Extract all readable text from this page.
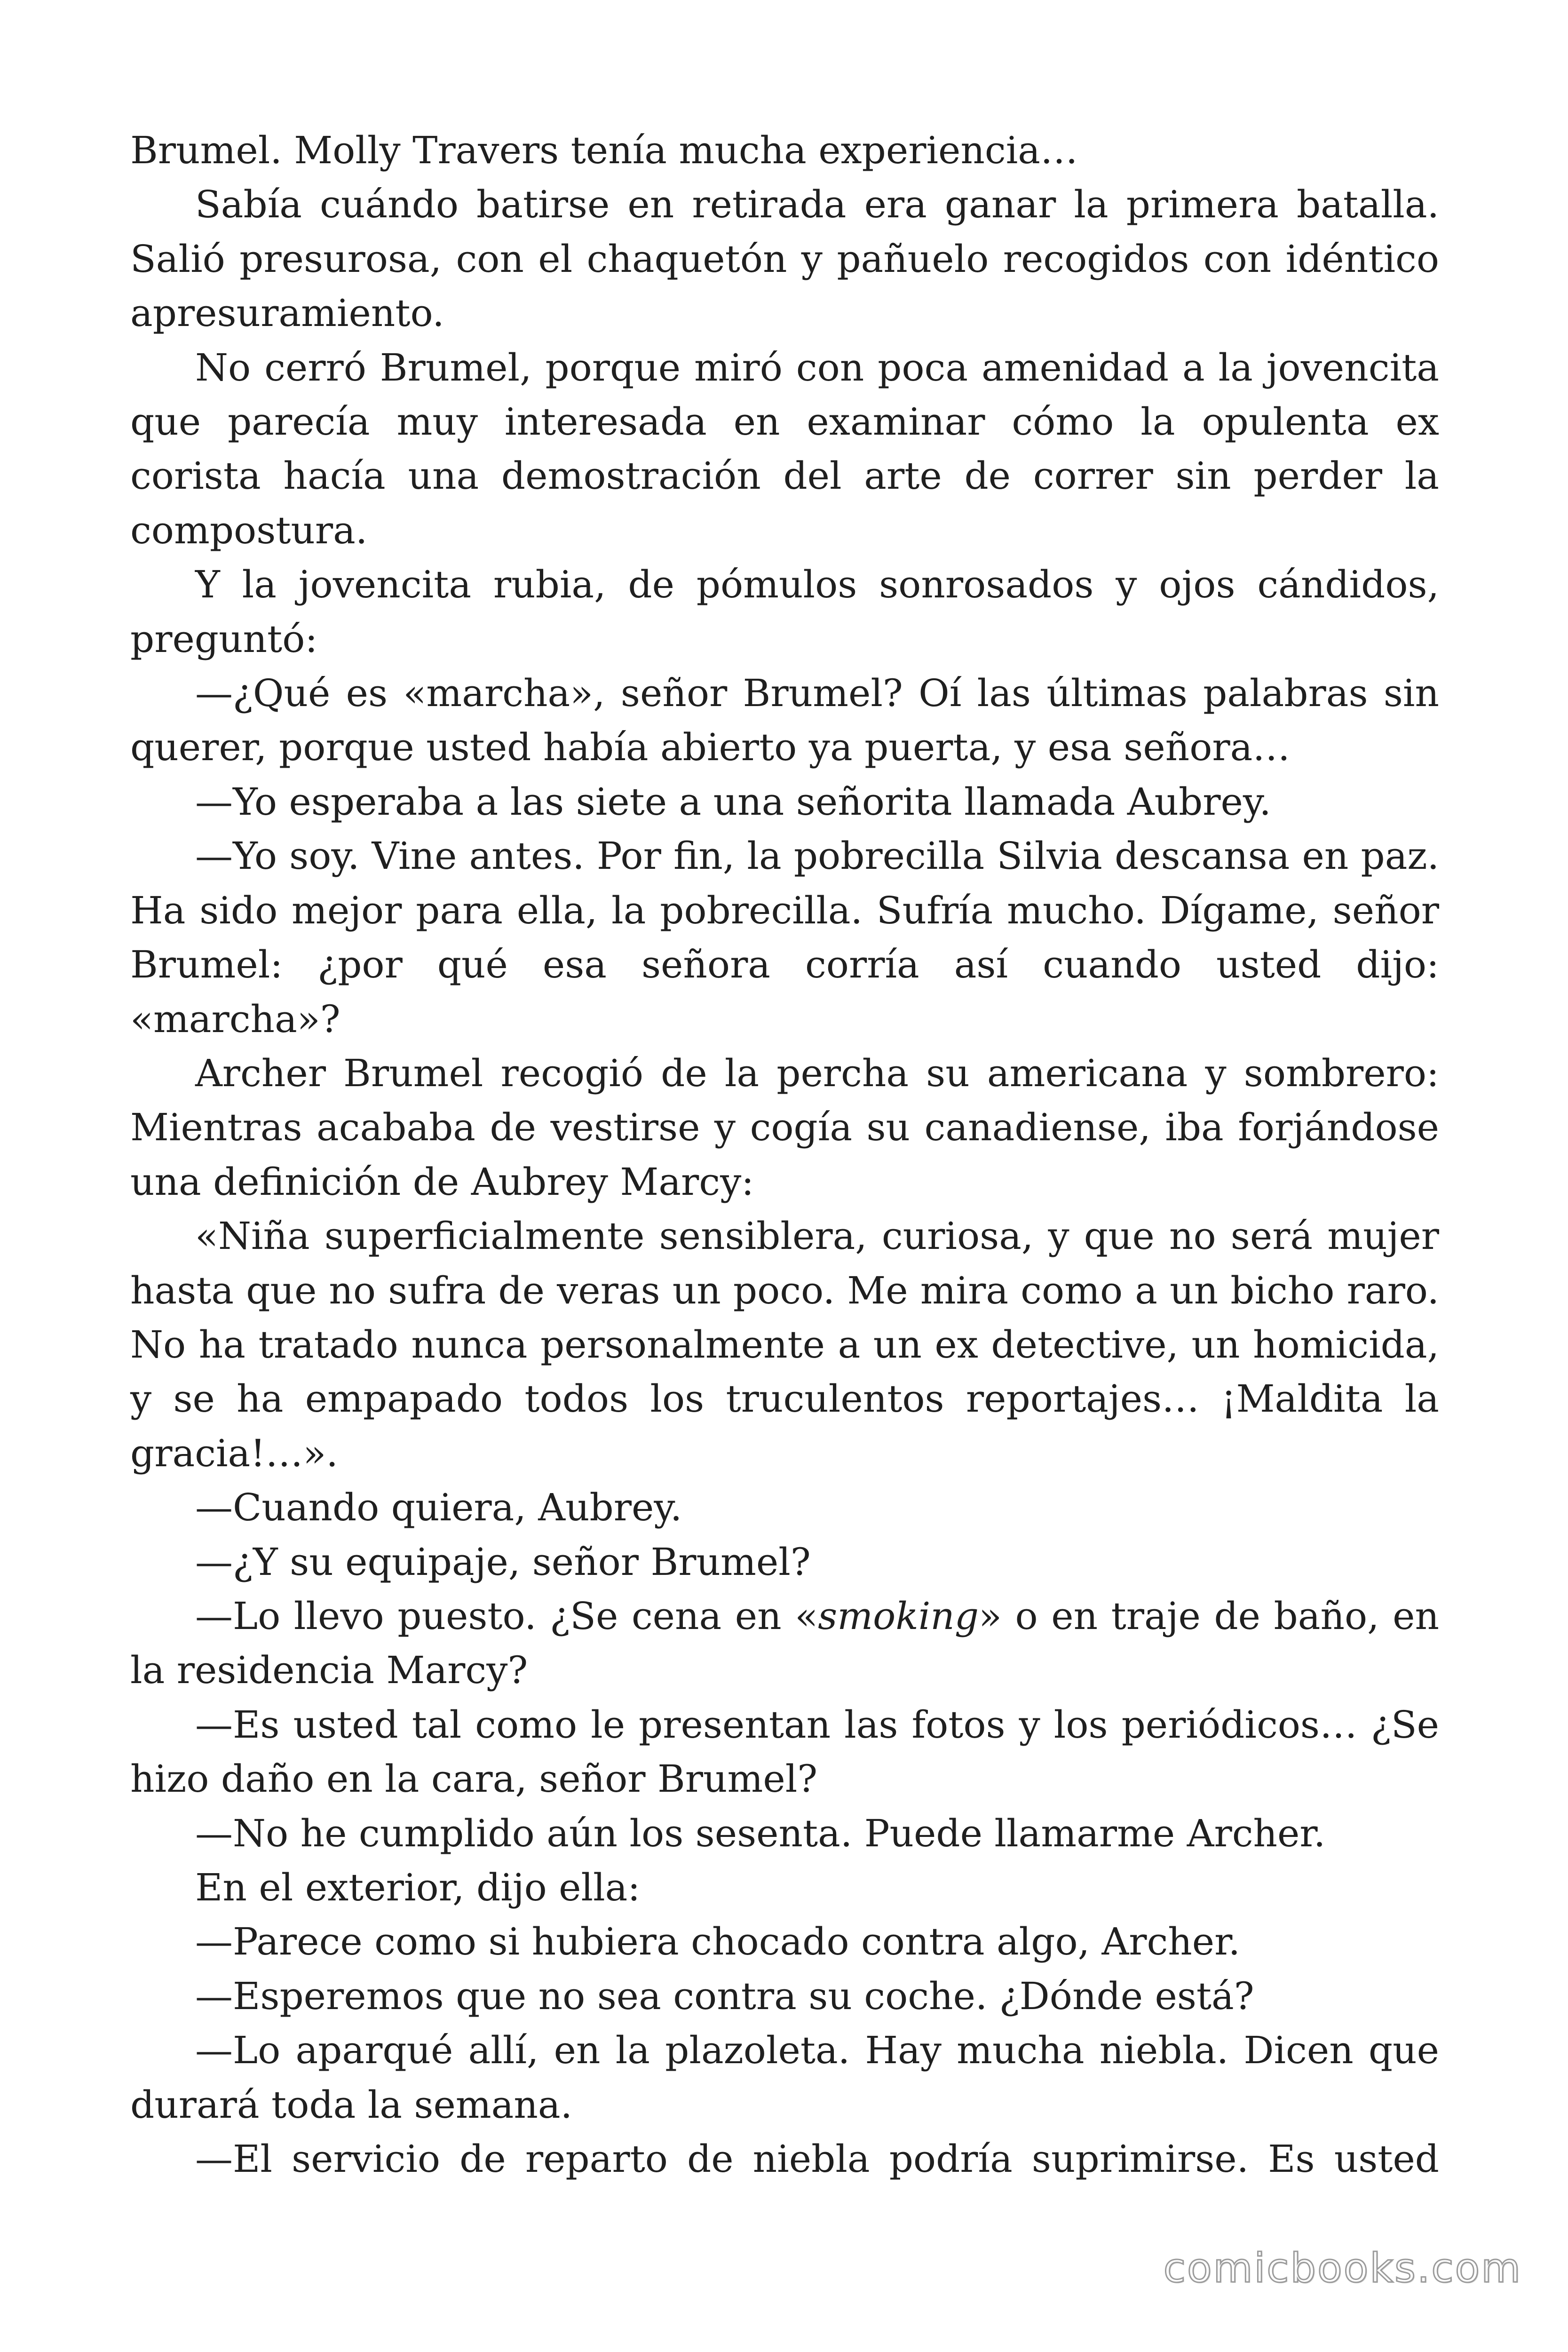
Brumel. Molly Travers tenía mucha experiencia…

Sabía cuándo batirse en retirada era ganar la primera batalla. Salió presurosa, con el chaquetón y pañuelo recogidos con idéntico apresuramiento.

No cerró Brumel, porque miró con poca amenidad a la jovencita que parecía muy interesada en examinar cómo la opulenta ex corista hacía una demostración del arte de correr sin perder la compostura.

Y la jovencita rubia, de pómulos sonrosados y ojos cándidos, preguntó:

—¿Qué es «marcha», señor Brumel? Oí las últimas palabras sin querer, porque usted había abierto ya puerta, y esa señora…

—Yo esperaba a las siete a una señorita llamada Aubrey.

—Yo soy. Vine antes. Por fin, la pobrecilla Silvia descansa en paz. Ha sido mejor para ella, la pobrecilla. Sufría mucho. Dígame, señor Brumel: ¿por qué esa señora corría así cuando usted dijo: «marcha»?

Archer Brumel recogió de la percha su americana y sombrero: Mientras acababa de vestirse y cogía su canadiense, iba forjándose una definición de Aubrey Marcy:

«Niña superficialmente sensiblera, curiosa, y que no será mujer hasta que no sufra de veras un poco. Me mira como a un bicho raro. No ha tratado nunca personalmente a un ex detective, un homicida, y se ha empapado todos los truculentos reportajes… ¡Maldita la gracia!…».

—Cuando quiera, Aubrey.

—¿Y su equipaje, señor Brumel?

—Lo llevo puesto. ¿Se cena en «smoking» o en traje de baño, en la residencia Marcy?

—Es usted tal como le presentan las fotos y los periódicos… ¿Se hizo daño en la cara, señor Brumel?

—No he cumplido aún los sesenta. Puede llamarme Archer.

En el exterior, dijo ella:

—Parece como si hubiera chocado contra algo, Archer.

—Esperemos que no sea contra su coche. ¿Dónde está?

—Lo aparqué allí, en la plazoleta. Hay mucha niebla. Dicen que durará toda la semana.

—El servicio de reparto de niebla podría suprimirse. Es usted

comicbooks.com
